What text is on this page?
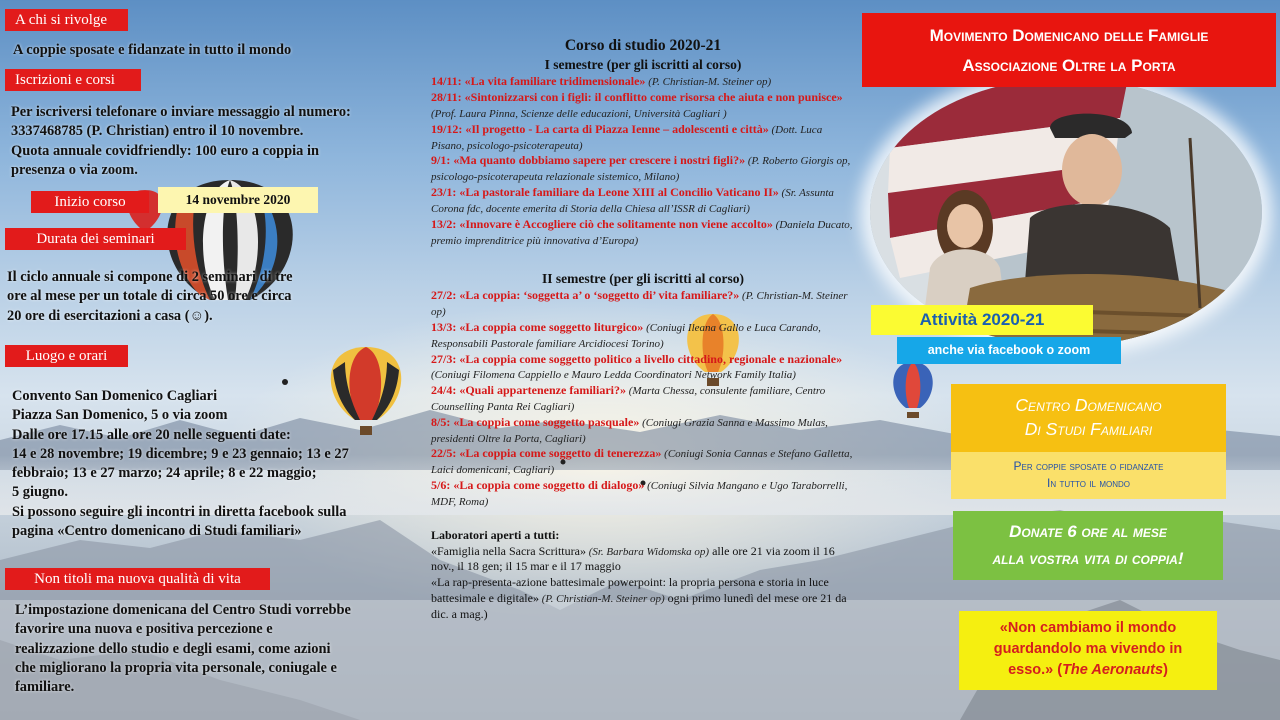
A chi si rivolge
A coppie sposate e fidanzate in tutto il mondo
Iscrizioni e corsi
Per iscriversi telefonare o inviare messaggio al numero:
3337468785 (P. Christian) entro il 10 novembre.
Quota annuale covidfriendly: 100 euro a coppia in
presenza o via zoom.
Inizio corso	14 novembre 2020
Durata dei seminari
Il ciclo annuale si compone di 2 seminari di tre
ore al mese per un totale di circa 50 ore e circa
20 ore di esercitazioni a casa (☺).
Luogo e orari
Convento San Domenico Cagliari
Piazza San Domenico, 5 o via zoom
Dalle ore 17.15 alle ore 20 nelle seguenti date:
14 e 28 novembre; 19 dicembre; 9 e 23 gennaio; 13 e 27
febbraio; 13 e 27 marzo; 24 aprile; 8 e 22 maggio;
5 giugno.
Si possono seguire gli incontri in diretta facebook sulla
pagina «Centro domenicano di Studi familiari»
Non titoli ma nuova qualità di vita
L’impostazione domenicana del Centro Studi vorrebbe
favorire una nuova e positiva percezione e
realizzazione dello studio e degli esami, come azioni
che migliorano la propria vita personale, coniugale e
familiare.
Corso di studio 2020-21
I semestre (per gli iscritti al corso)

14/11: «La vita familiare tridimensionale» (P. Christian-M. Steiner op)

28/11: «Sintonizzarsi con i figli: il conflitto come risorsa che aiuta e non punisce» (Prof. Laura Pinna, Scienze delle educazioni, Università Cagliari )

19/12: «Il progetto - La carta di Piazza Ienne – adolescenti e città» (Dott. Luca Pisano, psicologo-psicoterapeuta)

9/1: «Ma quanto dobbiamo sapere per crescere i nostri figli?» (P. Roberto Giorgis op, psicologo-psicoterapeuta relazionale sistemico, Milano)

23/1: «La pastorale familiare da Leone XIII al Concilio Vaticano II» (Sr. Assunta Corona fdc, docente emerita di Storia della Chiesa all’ISSR di Cagliari)

13/2: «Innovare è Accogliere ciò che solitamente non viene accolto» (Daniela Ducato, premio imprenditrice più innovativa d’Europa)

II semestre (per gli iscritti al corso)

27/2: «La coppia: ‘soggetta a’ o ‘soggetto di’ vita familiare?» (P. Christian-M. Steiner op)

13/3: «La coppia come soggetto liturgico» (Coniugi Ileana Gallo e Luca Carando, Responsabili Pastorale familiare Arcidiocesi Torino)

27/3: «La coppia come soggetto politico a livello cittadino, regionale e nazionale» (Coniugi Filomena Cappiello e Mauro Ledda Coordinatori Network Family Italia)

24/4: «Quali appartenenze familiari?» (Marta Chessa, consulente familiare, Centro Counselling Panta Rei Cagliari)

8/5: «La coppia come soggetto pasquale» (Coniugi Grazia Sanna e Massimo Mulas, presidenti Oltre la Porta, Cagliari)

22/5: «La coppia come soggetto di tenerezza» (Coniugi Sonia Cannas e Stefano Galletta, Laici domenicani, Cagliari)

5/6: «La coppia come soggetto di dialogo» (Coniugi Silvia Mangano e Ugo Taraborrelli, MDF, Roma)

Laboratori aperti a tutti:

«Famiglia nella Sacra Scrittura» (Sr. Barbara Widomska op) alle ore 21 via zoom il 16 nov., il 18 gen; il 15 mar e il 17 maggio

«La rap-presenta-azione battesimale powerpoint: la propria persona e storia in luce battesimale e digitale» (P. Christian-M. Steiner op) ogni primo lunedì del mese ore 21 da dic. a mag.)

Movimento Domenicano delle Famiglie
Associazione Oltre la Porta
Attività 2020-21
anche via facebook o zoom
Centro Domenicano
Di Studi Familiari
Per coppie sposate o fidanzate
In tutto il mondo
Donate 6 ore al mese
alla vostra vita di coppia!
«Non cambiamo il mondo
guardandolo ma vivendo in
esso.» (The Aeronauts)
